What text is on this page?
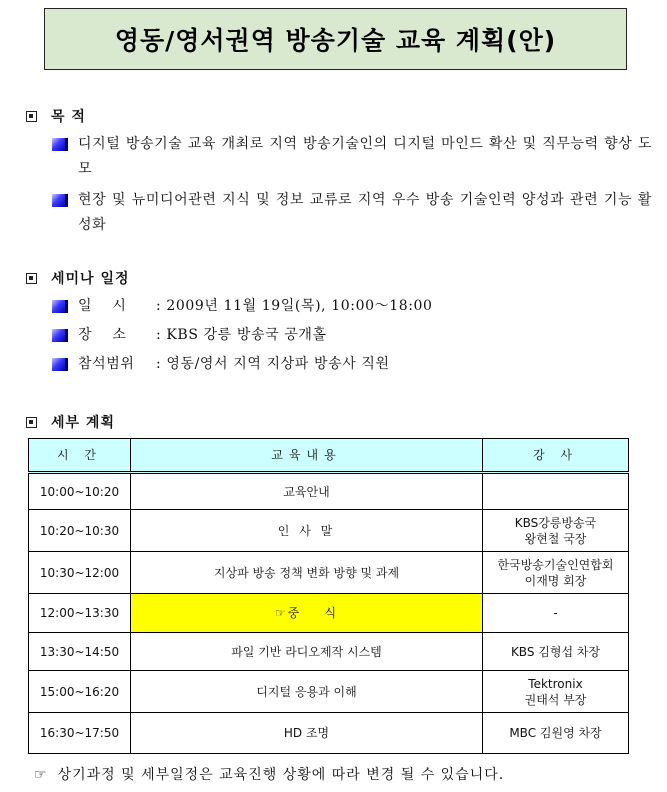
영동/영서권역 방송기술 교육 계획(안)
목 적
디지털 방송기술 교육 개최로 지역 방송기술인의 디지털 마인드 확산 및 직무능력 향상 도모
현장 및 뉴미디어관련 지식 및 정보 교류로 지역 우수 방송 기술인력 양성과 관련 기능 활성화
세미나 일정
일    시	: 2009년 11월 19일(목), 10:00～18:00
장    소	: KBS 강릉 방송국 공개홀
참석범위	: 영동/영서 지역 지상파 방송사 직원
세부 계획
시 간	교육내용	강 사
10:00~10:20	교육안내	

10:20~10:30	인 사 말	KBS강릉방송국
왕현철 국장

10:30~12:00	지상파 방송 정책 변화 방향 및 과제	한국방송기술인연합회
이재명 회장

12:00~13:30	☞중    식	-

13:30~14:50	파일 기반 라디오제작 시스템	KBS 김형섭 차장

15:00~16:20	디지털 응용과 이해	Tektronix
권태석 부장

16:30~17:50	HD 조명	MBC 김원영 차장
☞ 상기과정 및 세부일정은 교육진행 상황에 따라 변경 될 수 있습니다.
